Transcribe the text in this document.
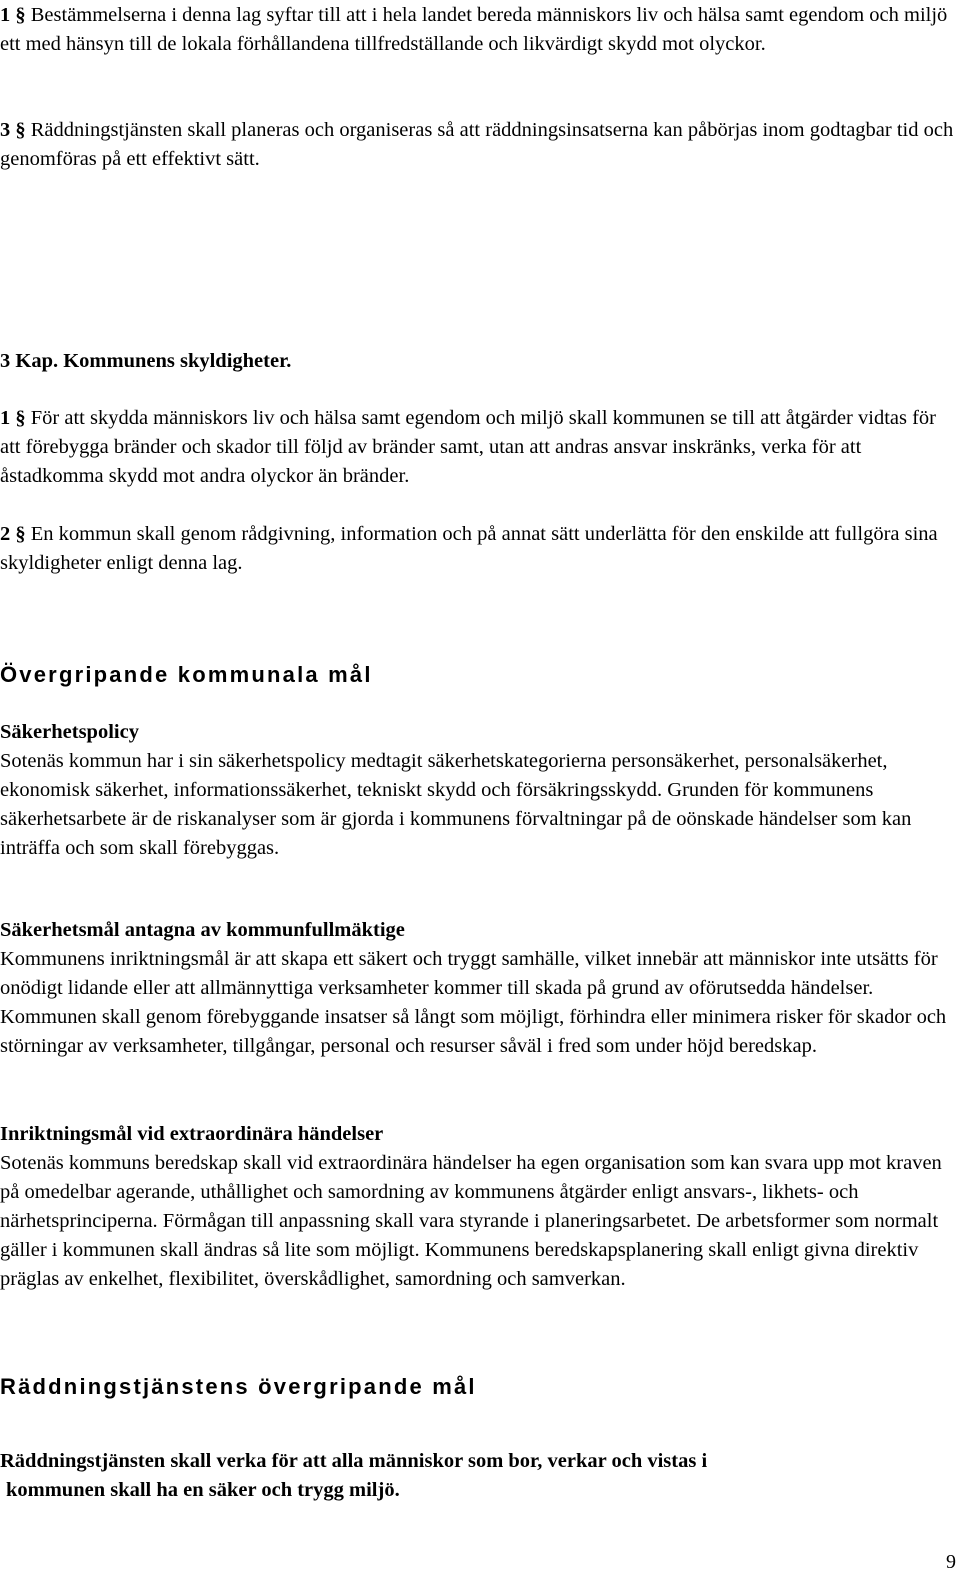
1 § Bestämmelserna i denna lag syftar till att i hela landet bereda människors liv och hälsa samt egendom och miljö ett med hänsyn till de lokala förhållandena tillfredställande och likvärdigt skydd mot olyckor.

3 § Räddningstjänsten skall planeras och organiseras så att räddningsinsatserna kan påbörjas inom godtagbar tid och genomföras på ett effektivt sätt.

3 Kap. Kommunens skyldigheter.

1 § För att skydda människors liv och hälsa samt egendom och miljö skall kommunen se till att åtgärder vidtas för att förebygga bränder och skador till följd av bränder samt, utan att andras ansvar inskränks, verka för att åstadkomma skydd mot andra olyckor än bränder.

2 § En kommun skall genom rådgivning, information och på annat sätt underlätta för den enskilde att fullgöra sina skyldigheter enligt denna lag.

Övergripande kommunala mål
Säkerhetspolicy

Sotenäs kommun har i sin säkerhetspolicy medtagit säkerhetskategorierna personsäkerhet, personalsäkerhet, ekonomisk säkerhet, informationssäkerhet, tekniskt skydd och försäkringsskydd. Grunden för kommunens säkerhetsarbete är de riskanalyser som är gjorda i kommunens förvaltningar på de oönskade händelser som kan inträffa och som skall förebyggas.

Säkerhetsmål antagna av kommunfullmäktige

Kommunens inriktningsmål är att skapa ett säkert och tryggt samhälle, vilket innebär att människor inte utsätts för onödigt lidande eller att allmännyttiga verksamheter kommer till skada på grund av oförutsedda händelser. Kommunen skall genom förebyggande insatser så långt som möjligt, förhindra eller minimera risker för skador och störningar av verksamheter, tillgångar, personal och resurser såväl i fred som under höjd beredskap.

Inriktningsmål vid extraordinära händelser

Sotenäs kommuns beredskap skall vid extraordinära händelser ha egen organisation som kan svara upp mot kraven på omedelbar agerande, uthållighet och samordning av kommunens åtgärder enligt ansvars-, likhets- och närhetsprinciperna. Förmågan till anpassning skall vara styrande i planeringsarbetet. De arbetsformer som normalt gäller i kommunen skall ändras så lite som möjligt. Kommunens beredskapsplanering skall enligt givna direktiv präglas av enkelhet, flexibilitet, överskådlighet, samordning och samverkan.

Räddningstjänstens övergripande mål
Räddningstjänsten skall verka för att alla människor som bor, verkar och vistas i
kommunen skall ha en säker och trygg miljö.
9
